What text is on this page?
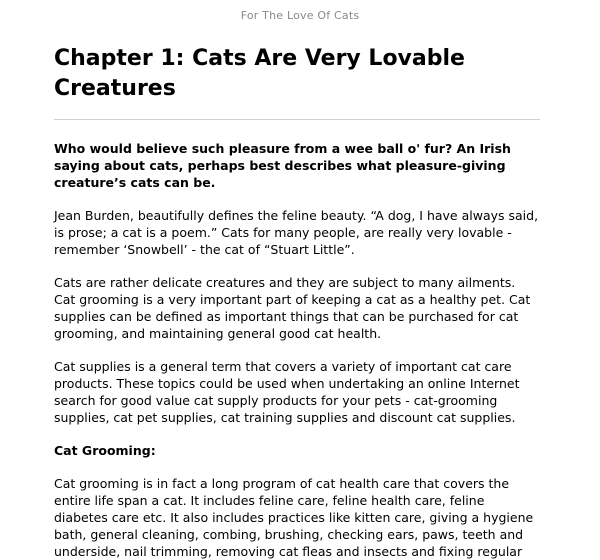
For The Love Of Cats
Chapter 1: Cats Are Very Lovable Creatures

Who would believe such pleasure from a wee ball o' fur? An Irish saying about cats, perhaps best describes what pleasure-giving creature’s cats can be.

Jean Burden, beautifully defines the feline beauty. “A dog, I have always said, is prose; a cat is a poem.” Cats for many people, are really very lovable - remember ‘Snowbell’ - the cat of “Stuart Little”.

Cats are rather delicate creatures and they are subject to many ailments. Cat grooming is a very important part of keeping a cat as a healthy pet. Cat supplies can be defined as important things that can be purchased for cat grooming, and maintaining general good cat health.

Cat supplies is a general term that covers a variety of important cat care products. These topics could be used when undertaking an online Internet search for good value cat supply products for your pets - cat-grooming supplies, cat pet supplies, cat training supplies and discount cat supplies.

Cat Grooming:

Cat grooming is in fact a long program of cat health care that covers the entire life span a cat. It includes feline care, feline health care, feline diabetes care etc. It also includes practices like kitten care, giving a hygiene bath, general cleaning, combing, brushing, checking ears, paws, teeth and underside, nail trimming, removing cat fleas and insects and fixing regular
